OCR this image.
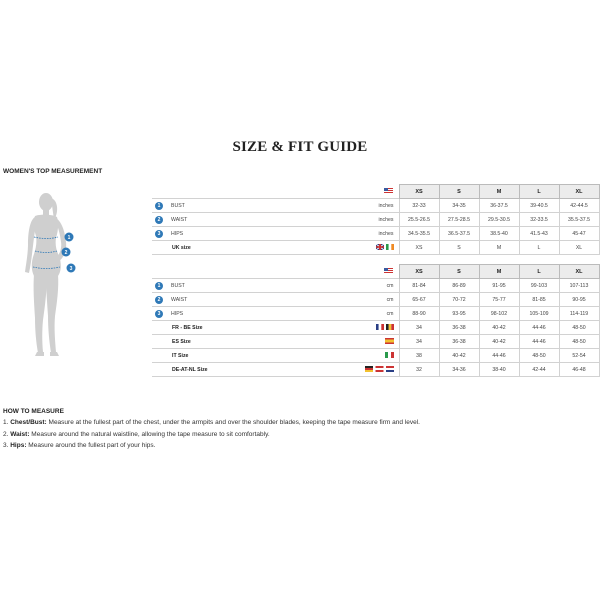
SIZE & FIT GUIDE
WOMEN'S TOP MEASUREMENT
1
2
3
		XS	S	M	L	XL
1 BUST	inches	32-33	34-35	36-37.5	39-40.5	42-44.5
2 WAIST	inches	25.5-26.5	27.5-28.5	29.5-30.5	32-33.5	35.5-37.5
3 HIPS	inches	34.5-35.5	36.5-37.5	38.5-40	41.5-43	45-47
UK size		XS	S	M	L	XL
		XS	S	M	L	XL
1 BUST	cm	81-84	86-89	91-95	99-103	107-113
2 WAIST	cm	65-67	70-72	75-77	81-85	90-95
3 HIPS	cm	88-90	93-95	98-102	105-109	114-119
FR - BE Size		34	36-38	40-42	44-46	48-50
ES Size		34	36-38	40-42	44-46	48-50
IT Size		38	40-42	44-46	48-50	52-54
DE-AT-NL Size		32	34-36	38-40	42-44	46-48
HOW TO MEASURE
1. Chest/Bust: Measure at the fullest part of the chest, under the armpits and over the shoulder blades, keeping the tape measure firm and level.
2. Waist: Measure around the natural waistline, allowing the tape measure to sit comfortably.
3. Hips: Measure around the fullest part of your hips.
